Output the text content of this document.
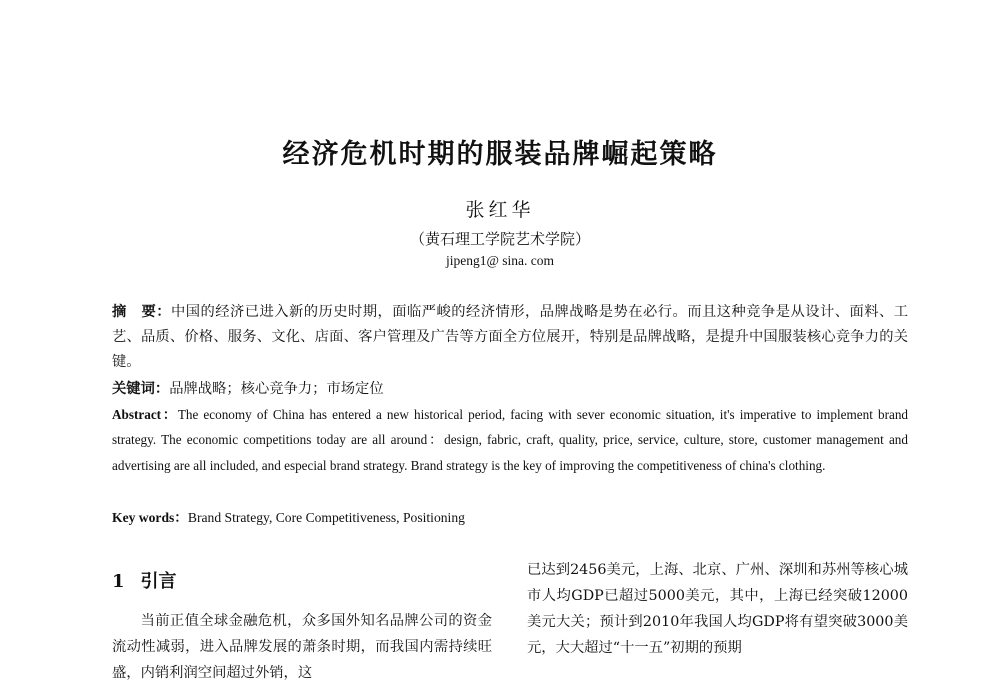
经济危机时期的服装品牌崛起策略
张红华
（黄石理工学院艺术学院）
jipeng1@ sina. com
摘　要：中国的经济已进入新的历史时期，面临严峻的经济情形，品牌战略是势在必行。而且这种竞争是从设计、面料、工艺、品质、价格、服务、文化、店面、客户管理及广告等方面全方位展开，特别是品牌战略，是提升中国服装核心竞争力的关键。
关键词：品牌战略；核心竞争力；市场定位
Abstract：The economy of China has entered a new historical period, facing with sever economic situation, it's imperative to implement brand strategy. The economic competitions today are all around：design, fabric, craft, quality, price, service, culture, store, customer management and advertising are all included, and especial brand strategy. Brand strategy is the key of improving the competitiveness of china's clothing.
Key words：Brand Strategy, Core Competitiveness, Positioning
1 引言
当前正值全球金融危机，众多国外知名品牌公司的资金流动性减弱，进入品牌发展的萧条时期，而我国内需持续旺盛，内销利润空间超过外销，这
已达到2456美元，上海、北京、广州、深圳和苏州等核心城市人均GDP已超过5000美元，其中，上海已经突破12000美元大关；预计到2010年我国人均GDP将有望突破3000美元，大大超过“十一五”初期的预期
